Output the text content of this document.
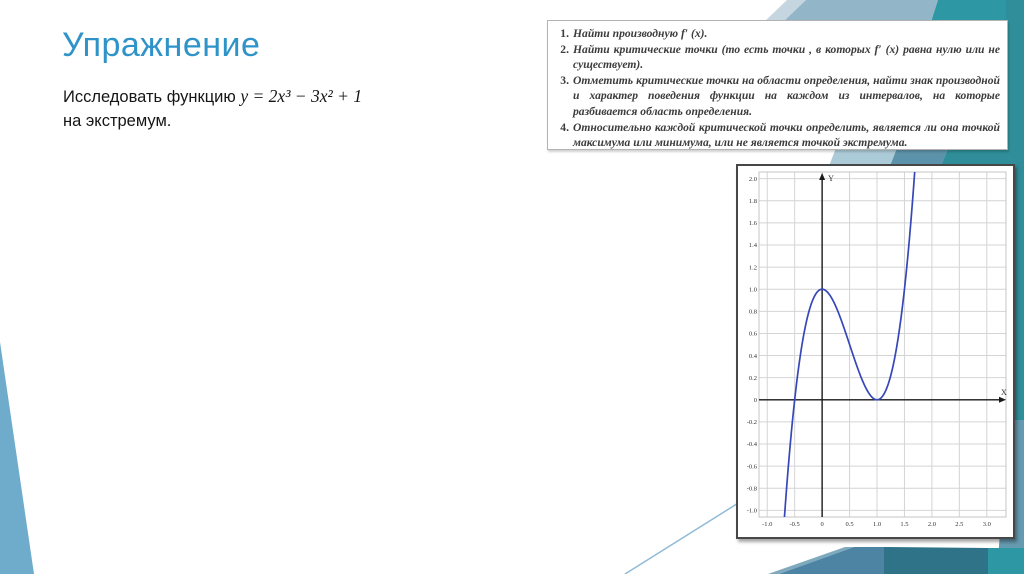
Упражнение

Исследовать функцию y = 2x³ − 3x² + 1
на экстремум.

1. Найти производную f′ (x).
2. Найти критические точки (то есть точки , в которых f′ (x) равна нулю или не существует).
3. Отметить критические точки на области определения, найти знак производной и характер поведения функции на каждом из интервалов, на которые разбивается область определения.
4. Относительно каждой критической точки определить, является ли она точкой максимума или минимума, или не является точкой экстремума.
X
Y
2.0
1.8
1.6
1.4
1.2
1.0
0.8
0.6
0.4
0.2
0
-0.2
-0.4
-0.6
-0.8
-1.0
-1.0	-0.5	0	0.5	1.0	1.5	2.0	2.5	3.0
